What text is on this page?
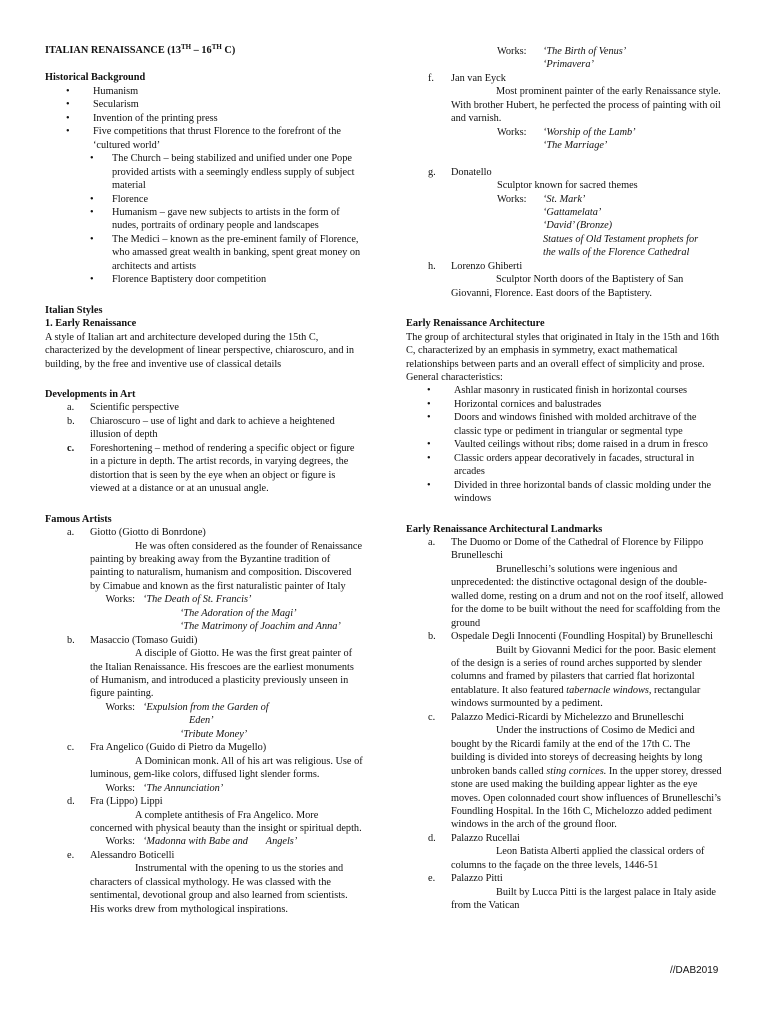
ITALIAN RENAISSANCE (13TH – 16TH C)

Historical Background

• Humanism
• Secularism
• Invention of the printing press
• Five competitions that thrust Florence to the forefront of the ‘cultured world’
• The Church – being stabilized and unified under one Pope provided artists with a seemingly endless supply of subject material
• Florence
• Humanism – gave new subjects to artists in the form of nudes, portraits of ordinary people and landscapes
• The Medici – known as the pre-eminent family of Florence, who amassed great wealth in banking, spent great money on architects and artists
• Florence Baptistery door competition

Italian Styles

1. Early Renaissance

A style of Italian art and architecture developed during the 15th C, characterized by the development of linear perspective, chiaroscuro, and in building, by the free and inventive use of classical details

Developments in Art

a. Scientific perspective
b. Chiaroscuro – use of light and dark to achieve a heightened illusion of depth
c. Foreshortening – method of rendering a specific object or figure in a picture in depth. The artist records, in varying degrees, the distortion that is seen by the eye when an object or figure is viewed at a distance or at an unusual angle.

Famous Artists

a. Giotto (Giotto di Bonrdone)
He was often considered as the founder of Renaissance painting by breaking away from the Byzantine tradition of painting to naturalism, humanism and composition. Discovered by Cimabue and known as the first naturalistic painter of Italy
Works: ‘The Death of St. Francis’
‘The Adoration of the Magi’
‘The Matrimony of Joachim and Anna’
b. Masaccio (Tomaso Guidi)
A disciple of Giotto. He was the first great painter of the Italian Renaissance. His frescoes are the earliest monuments of Humanism, and introduced a plasticity previously unseen in figure painting.
Works: ‘Expulsion from the Garden of
Eden’
‘Tribute Money’
c. Fra Angelico (Guido di Pietro da Mugello)
A Dominican monk. All of his art was religious. Use of luminous, gem-like colors, diffused light slender forms.
Works: ‘The Annunciation’
d. Fra (Lippo) Lippi
A complete antithesis of Fra Angelico. More concerned with physical beauty than the insight or spiritual depth.
Works: ‘Madonna with Babe and       Angels’
e. Alessandro Boticelli
Instrumental with the opening to us the stories and characters of classical mythology. He was classed with the sentimental, devotional group and also learned from scientists. His works drew from mythological inspirations.
Works:	‘The Birth of Venus’
‘Primavera’
f. Jan van Eyck
Most prominent painter of the early Renaissance style. With brother Hubert, he perfected the process of painting with oil and varnish.
Works:	‘Worship of the Lamb’
‘The Marriage’
g. Donatello
Sculptor known for sacred themes
Works:	‘St. Mark’
‘Gattamelata’
‘David’ (Bronze)
Statues of Old Testament prophets for
the walls of the Florence Cathedral
h. Lorenzo Ghiberti
Sculptor North doors of the Baptistery of San Giovanni, Florence. East doors of the Baptistery.

Early Renaissance Architecture

The group of architectural styles that originated in Italy in the 15th and 16th C, characterized by an emphasis in symmetry, exact mathematical relationships between parts and an overall effect of simplicity and prose.

General characteristics:

• Ashlar masonry in rusticated finish in horizontal courses
• Horizontal cornices and balustrades
• Doors and windows finished with molded architrave of the classic type or pediment in triangular or segmental type
• Vaulted ceilings without ribs; dome raised in a drum in fresco
• Classic orders appear decoratively in facades, structural in arcades
• Divided in three horizontal bands of classic molding under the windows

Early Renaissance Architectural Landmarks

a. The Duomo or Dome of the Cathedral of Florence by Filippo Brunelleschi
Brunelleschi’s solutions were ingenious and unprecedented: the distinctive octagonal design of the double-walled dome, resting on a drum and not on the roof itself, allowed for the dome to be built without the need for scaffolding from the ground
b. Ospedale Degli Innocenti (Foundling Hospital) by Brunelleschi
Built by Giovanni Medici for the poor. Basic element of the design is a series of round arches supported by slender columns and framed by pilasters that carried flat horizontal entablature. It also featured tabernacle windows, rectangular windows surmounted by a pediment.
c. Palazzo Medici-Ricardi by Michelezzo and Brunelleschi
Under the instructions of Cosimo de Medici and bought by the Ricardi family at the end of the 17th C. The building is divided into storeys of decreasing heights by long unbroken bands called sting cornices. In the upper storey, dressed stone are used making the building appear lighter as the eye moves. Open colonnaded court show influences of Brunelleschi’s Foundling Hospital. In the 16th C, Michelozzo added pediment windows in the arch of the ground floor.
d. Palazzo Rucellai
Leon Batista Alberti applied the classical orders of columns to the façade on the three levels, 1446-51
e. Palazzo Pitti
Built by Lucca Pitti is the largest palace in Italy aside from the Vatican
//DAB2019
